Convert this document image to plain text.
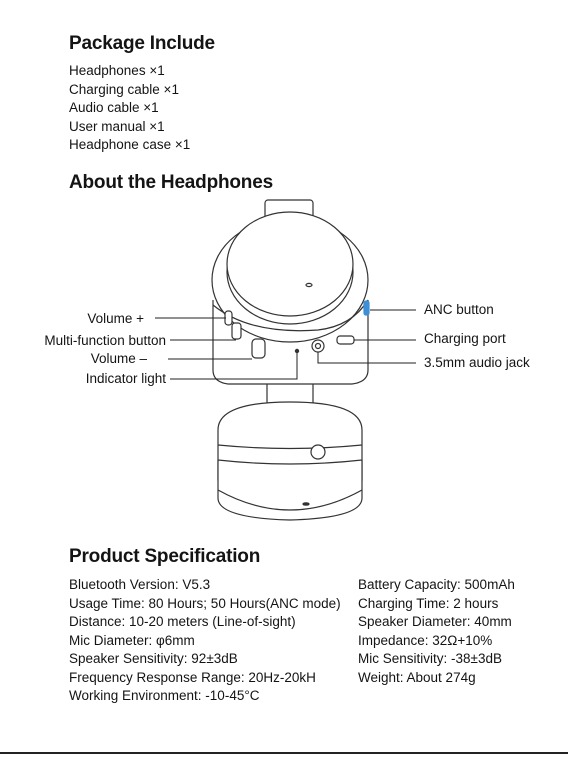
Package Include
Headphones ×1
Charging cable ×1
Audio cable ×1
User manual ×1
Headphone case ×1
About the Headphones
Volume +
Multi-function button
Volume –
Indicator light
ANC button
Charging port
3.5mm audio jack
Product Specification
Bluetooth Version: V5.3
Usage Time: 80 Hours; 50 Hours(ANC mode)
Distance: 10-20 meters (Line-of-sight)
Mic Diameter: φ6mm
Speaker Sensitivity: 92±3dB
Frequency Response Range: 20Hz-20kH
Working Environment: -10-45°C
Battery Capacity: 500mAh
Charging Time: 2 hours
Speaker Diameter: 40mm
Impedance: 32Ω+10%
Mic Sensitivity: -38±3dB
Weight: About 274g
